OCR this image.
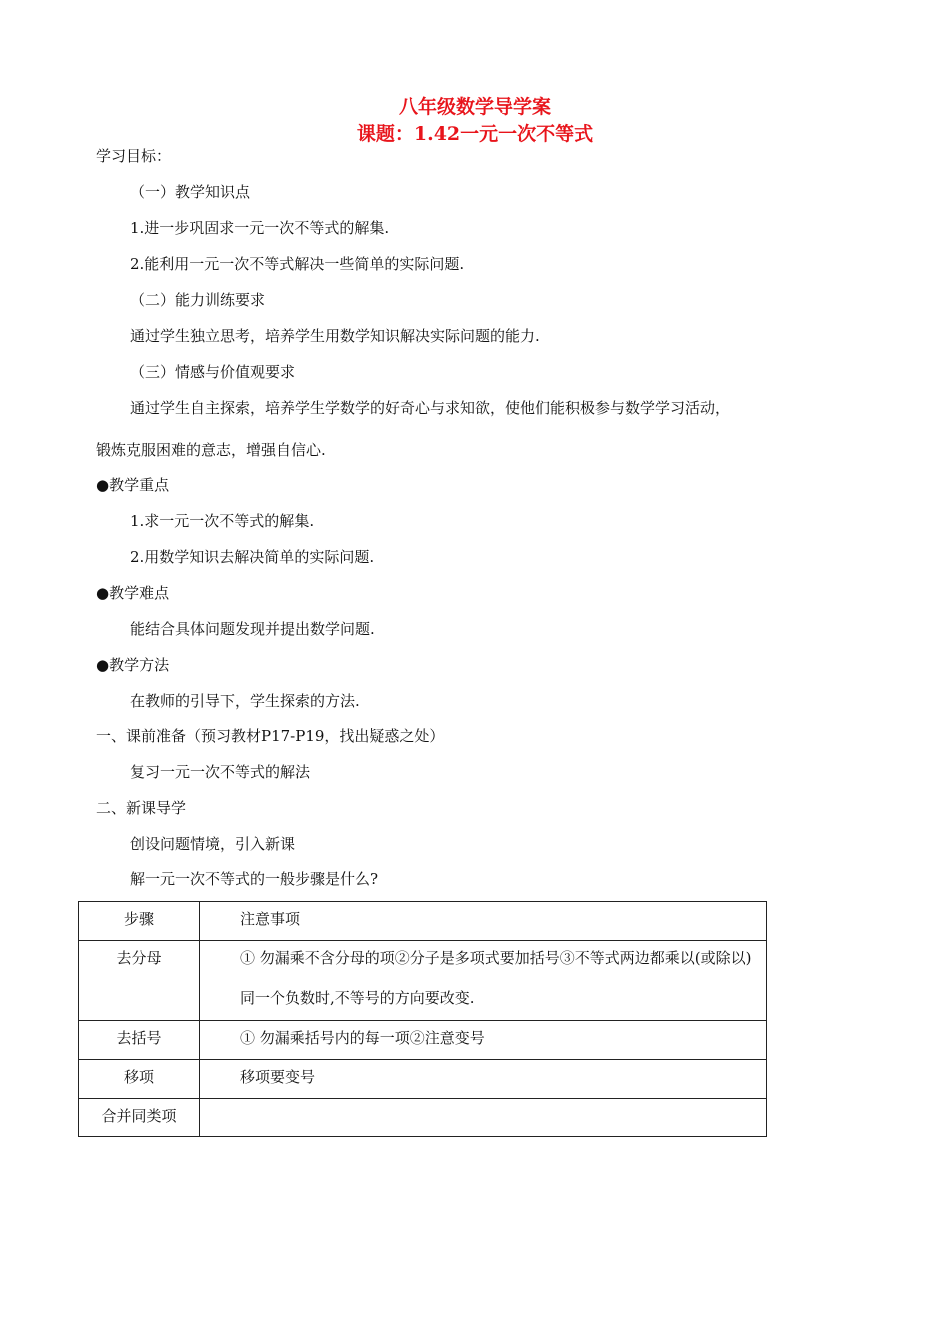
八年级数学导学案
课题：1.42一元一次不等式
学习目标：
（一）教学知识点
1.进一步巩固求一元一次不等式的解集.
2.能利用一元一次不等式解决一些简单的实际问题.
（二）能力训练要求
通过学生独立思考，培养学生用数学知识解决实际问题的能力.
（三）情感与价值观要求
通过学生自主探索，培养学生学数学的好奇心与求知欲，使他们能积极参与数学学习活动，
锻炼克服困难的意志，增强自信心.
●教学重点
1.求一元一次不等式的解集.
2.用数学知识去解决简单的实际问题.
●教学难点
能结合具体问题发现并提出数学问题.
●教学方法
在教师的引导下，学生探索的方法.
一、课前准备（预习教材P17-P19，找出疑惑之处）
复习一元一次不等式的解法
二、新课导学
创设问题情境，引入新课
解一元一次不等式的一般步骤是什么?
步骤	注意事项

去分母	① 勿漏乘不含分母的项②分子是多项式要加括号③不等式两边都乘以(或除以)同一个负数时,不等号的方向要改变.

去括号	① 勿漏乘括号内的每一项②注意变号

移项	移项要变号

合并同类项	
